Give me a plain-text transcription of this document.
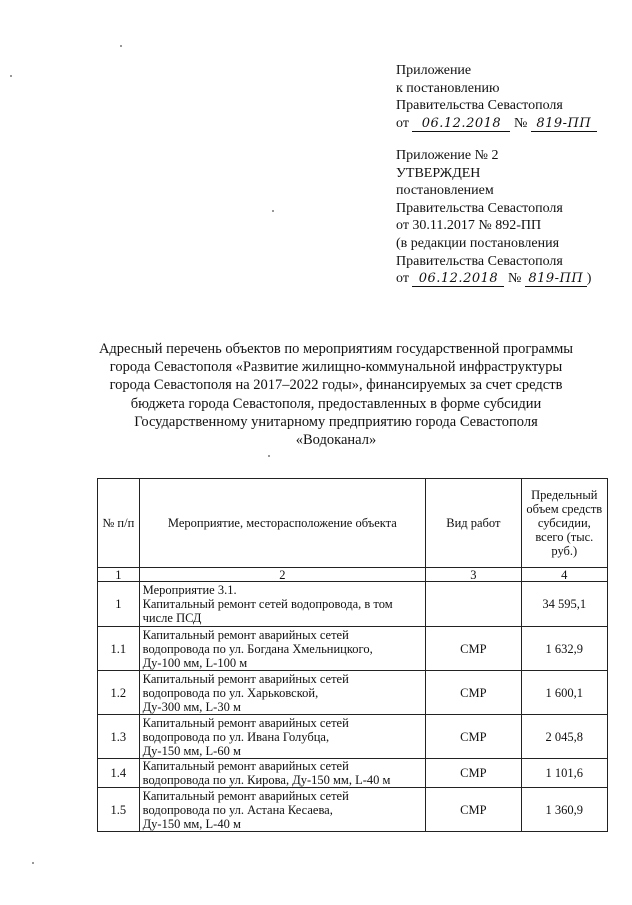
Приложение
к постановлению
Правительства Севастополя
от 06.12.2018 № 819-ПП
Приложение № 2
УТВЕРЖДЕН
постановлением
Правительства Севастополя
от 30.11.2017 № 892-ПП
(в редакции постановления
Правительства Севастополя
от 06.12.2018 № 819-ПП )
Адресный перечень объектов по мероприятиям государственной программы
города Севастополя «Развитие жилищно-коммунальной инфраструктуры
города Севастополя на 2017–2022 годы», финансируемых за счет средств
бюджета города Севастополя, предоставленных в форме субсидии
Государственному унитарному предприятию города Севастополя
«Водоканал»
№ п/п	Мероприятие, месторасположение объекта	Вид работ	Предельный объем средств субсидии, всего (тыс. руб.)
1	2	3	4
1	Мероприятие 3.1.
Капитальный ремонт сетей водопровода, в том
числе ПСД		34 595,1
1.1	Капитальный ремонт аварийных сетей
водопровода по ул. Богдана Хмельницкого,
Ду-100 мм, L-100 м	СМР	1 632,9
1.2	Капитальный ремонт аварийных сетей
водопровода по ул. Харьковской,
Ду-300 мм, L-30 м	СМР	1 600,1
1.3	Капитальный ремонт аварийных сетей
водопровода по ул. Ивана Голубца,
Ду-150 мм, L-60 м	СМР	2 045,8
1.4	Капитальный ремонт аварийных сетей
водопровода по ул. Кирова, Ду-150 мм, L-40 м	СМР	1 101,6
1.5	Капитальный ремонт аварийных сетей
водопровода по ул. Астана Кесаева,
Ду-150 мм, L-40 м	СМР	1 360,9
